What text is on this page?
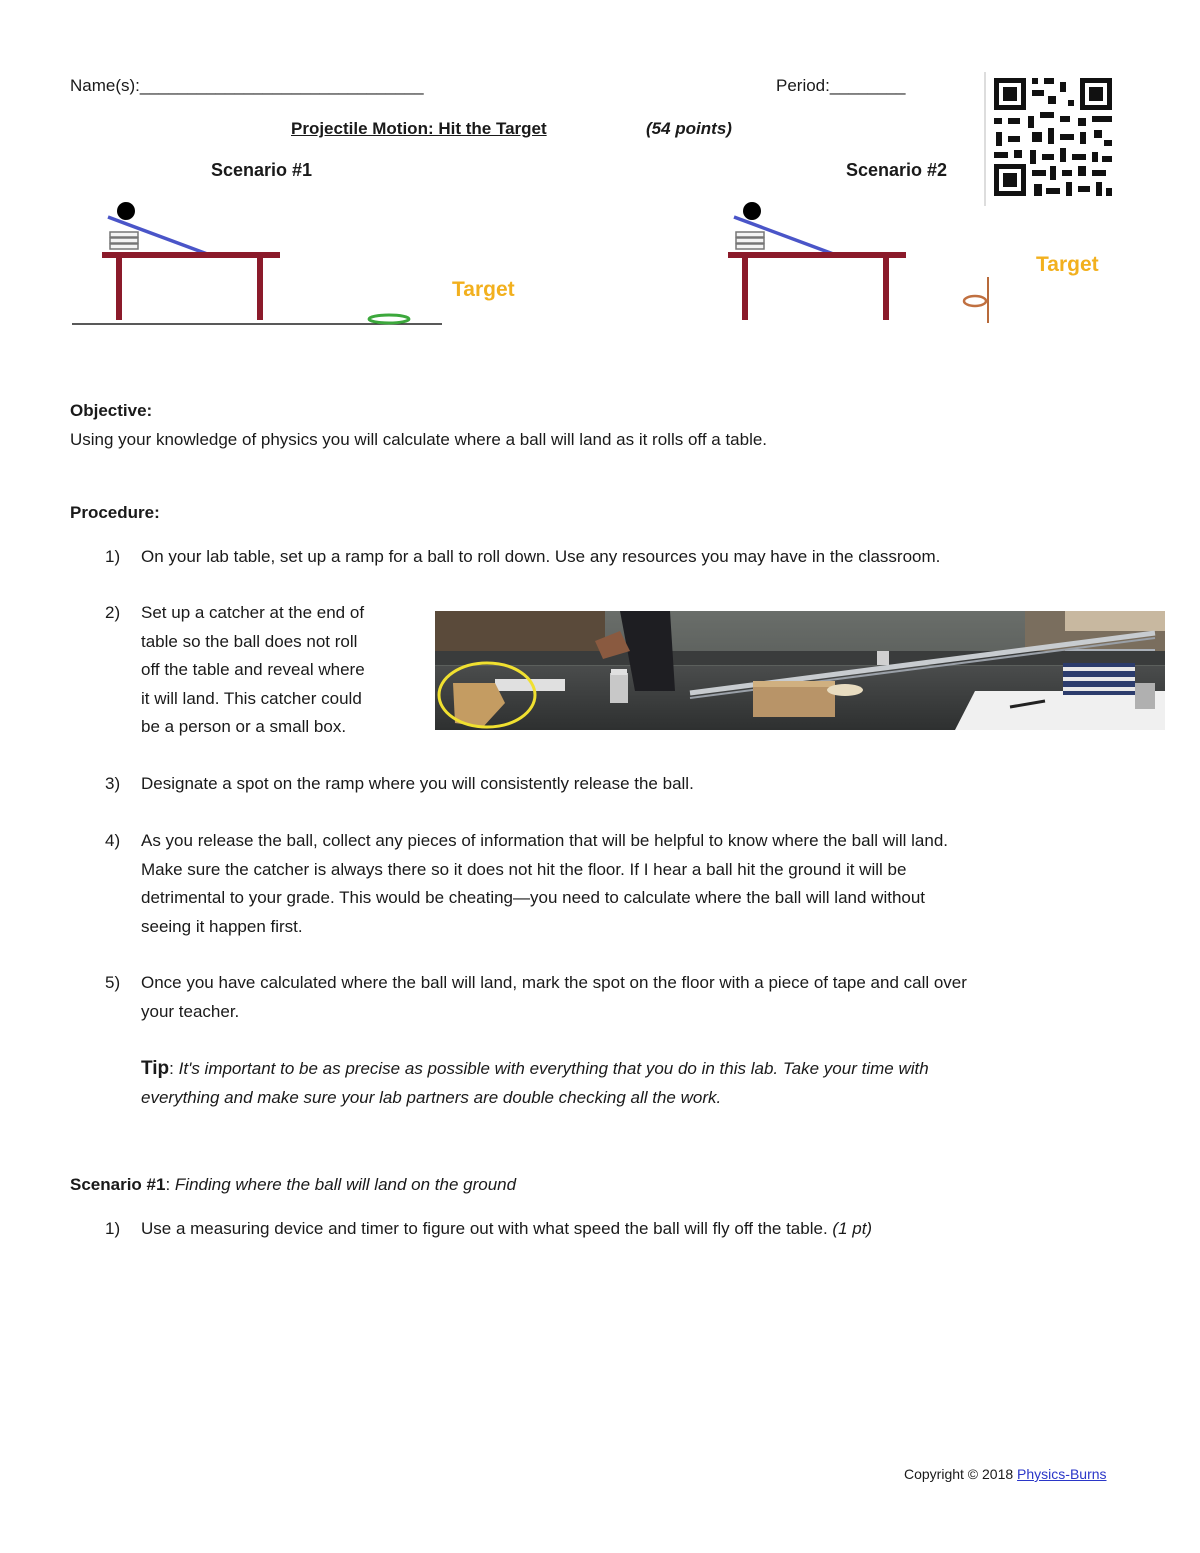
Name(s):______________________________	Period:________
Projectile Motion: Hit the Target	(54 points)
Scenario #1	Scenario #2
Target
Target
Objective:
Using your knowledge of physics you will calculate where a ball will land as it rolls off a table.
Procedure:
1) On your lab table, set up a ramp for a ball to roll down. Use any resources you may have in the classroom.
2) Set up a catcher at the end of
table so the ball does not roll
off the table and reveal where
it will land. This catcher could
be a person or a small box.
3) Designate a spot on the ramp where you will consistently release the ball.
4) As you release the ball, collect any pieces of information that will be helpful to know where the ball will land.
Make sure the catcher is always there so it does not hit the floor. If I hear a ball hit the ground it will be
detrimental to your grade. This would be cheating—you need to calculate where the ball will land without
seeing it happen first.
5) Once you have calculated where the ball will land, mark the spot on the floor with a piece of tape and call over
your teacher.
Tip: It's important to be as precise as possible with everything that you do in this lab. Take your time with
everything and make sure your lab partners are double checking all the work.
Scenario #1: Finding where the ball will land on the ground
1) Use a measuring device and timer to figure out with what speed the ball will fly off the table. (1 pt)
Copyright © 2018 Physics-Burns
